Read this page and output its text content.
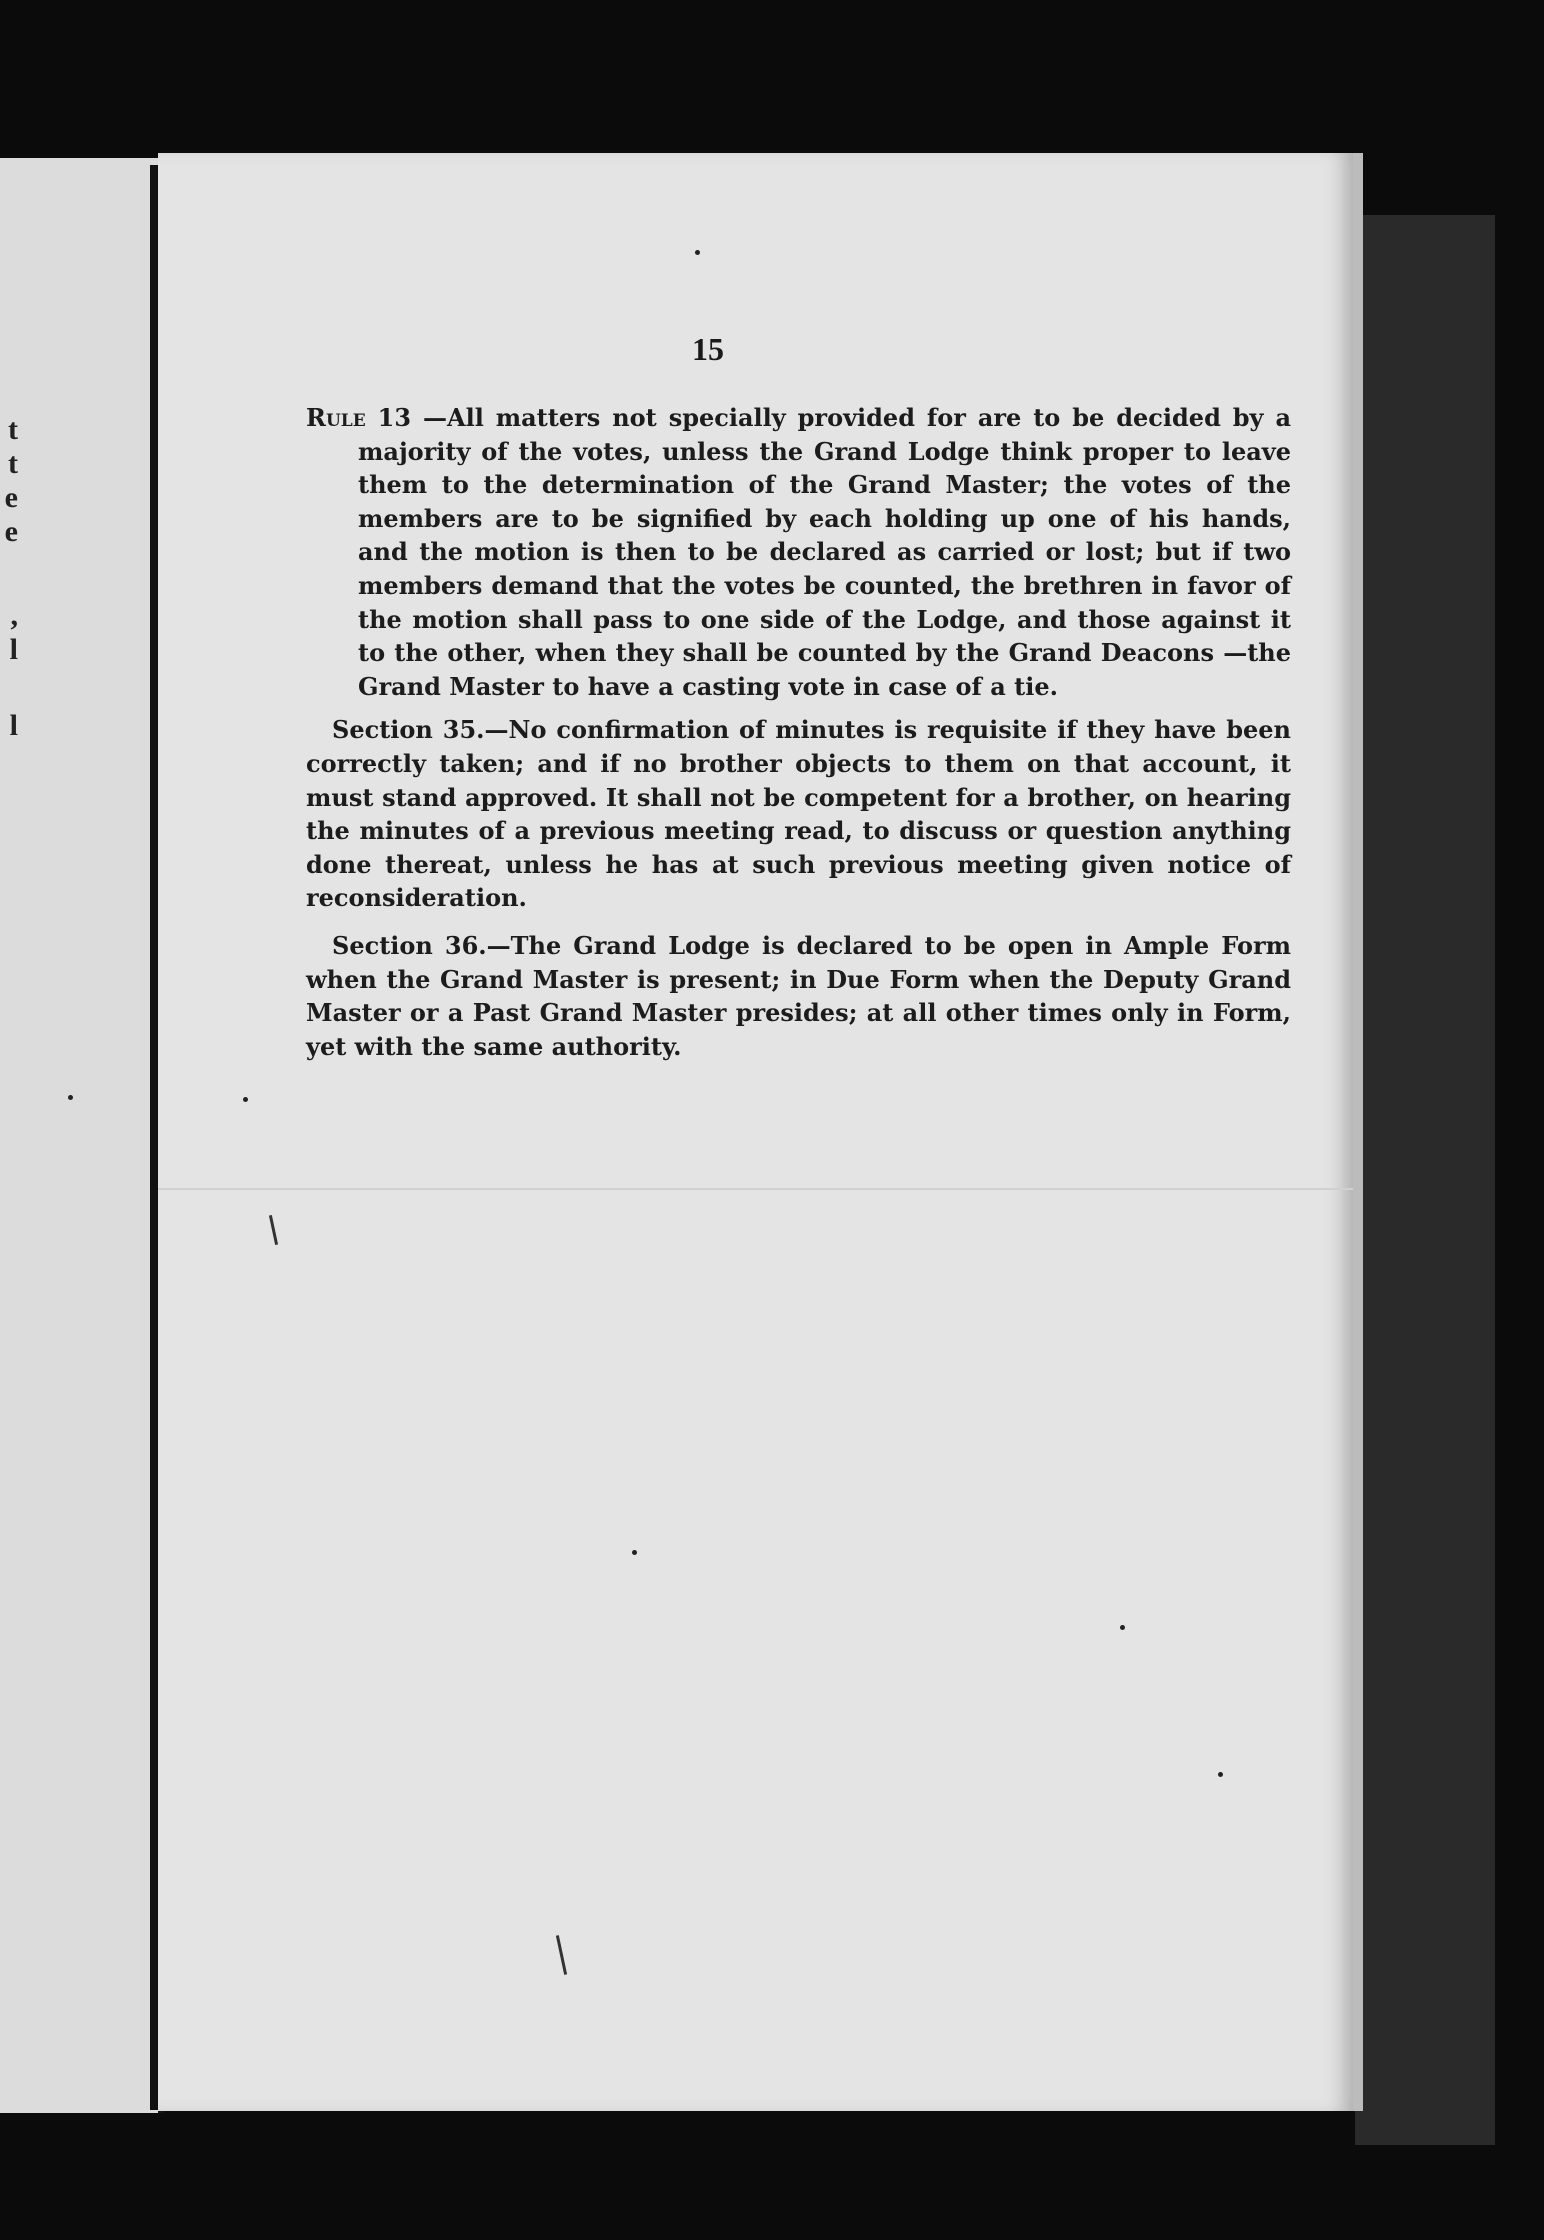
t
t
e
e
,
l
l
15

Rule 13 —All matters not specially provided for are to be decided by a majority of the votes, unless the Grand Lodge think proper to leave them to the determination of the Grand Master; the votes of the members are to be signified by each holding up one of his hands, and the motion is then to be declared as carried or lost; but if two members demand that the votes be counted, the brethren in favor of the motion shall pass to one side of the Lodge, and those against it to the other, when they shall be counted by the Grand Deacons —the Grand Master to have a casting vote in case of a tie.

Section 35.—No confirmation of minutes is requisite if they have been correctly taken; and if no brother objects to them on that account, it must stand approved. It shall not be competent for a brother, on hearing the minutes of a previous meeting read, to discuss or question anything done thereat, unless he has at such previous meeting given notice of reconsideration.

Section 36.—The Grand Lodge is declared to be open in Ample Form when the Grand Master is present; in Due Form when the Deputy Grand Master or a Past Grand Master presides; at all other times only in Form, yet with the same authority.
